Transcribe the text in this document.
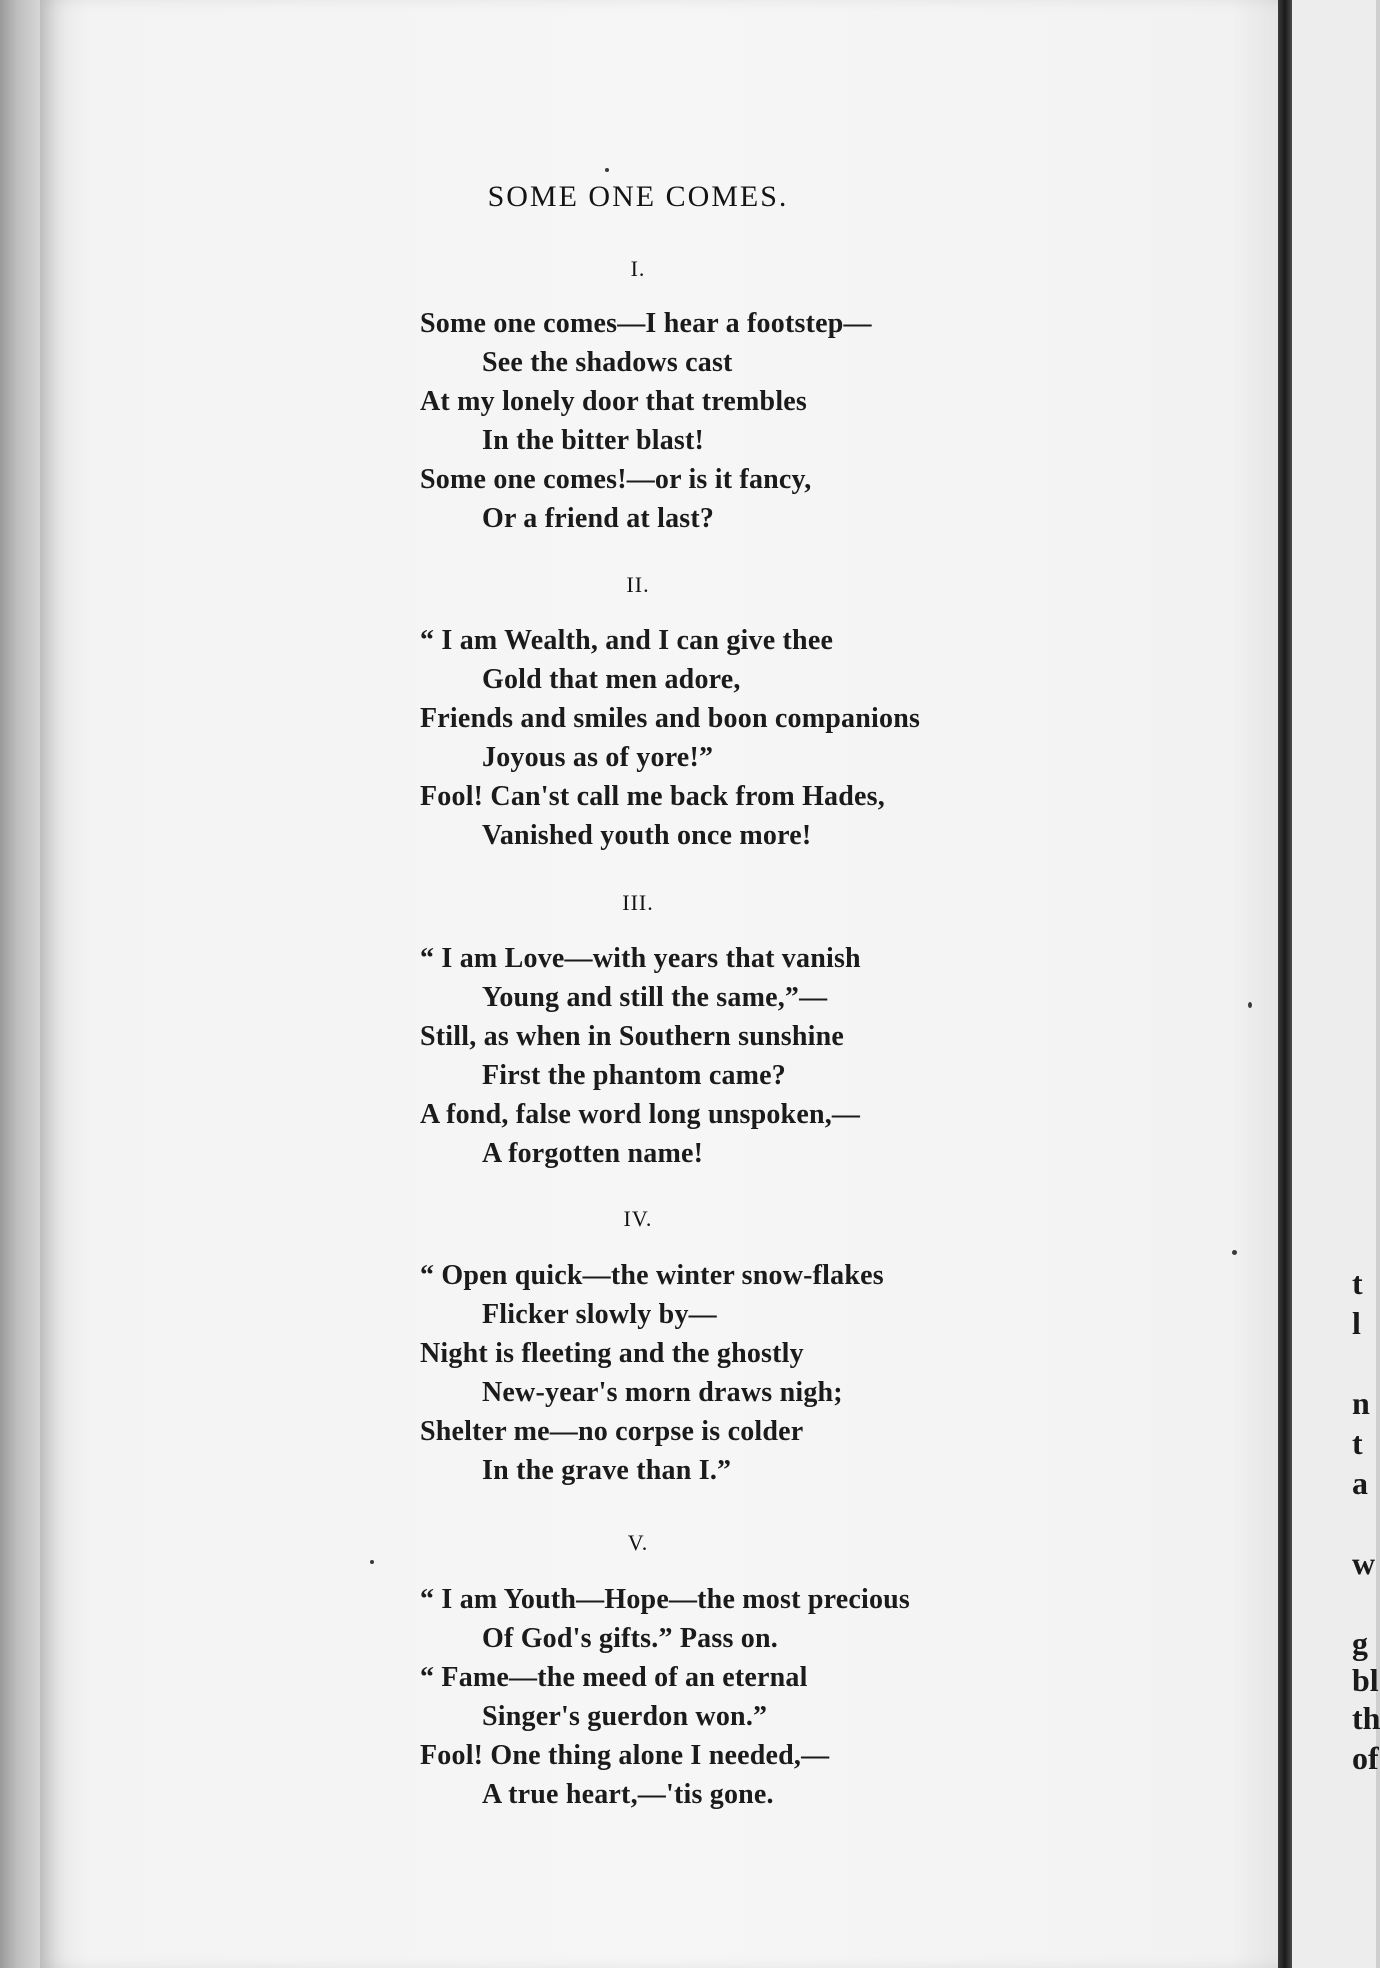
t
l
n
t
a
w
g
bl
th
of
SOME ONE COMES.
I.
Some one comes—I hear a footstep—
See the shadows cast
At my lonely door that trembles
In the bitter blast!
Some one comes!—or is it fancy,
Or a friend at last?
II.
“ I am Wealth, and I can give thee
Gold that men adore,
Friends and smiles and boon companions
Joyous as of yore!”
Fool! Can'st call me back from Hades,
Vanished youth once more!
III.
“ I am Love—with years that vanish
Young and still the same,”—
Still, as when in Southern sunshine
First the phantom came?
A fond, false word long unspoken,—
A forgotten name!
IV.
“ Open quick—the winter snow-flakes
Flicker slowly by—
Night is fleeting and the ghostly
New-year's morn draws nigh;
Shelter me—no corpse is colder
In the grave than I.”
V.
“ I am Youth—Hope—the most precious
Of God's gifts.” Pass on.
“ Fame—the meed of an eternal
Singer's guerdon won.”
Fool! One thing alone I needed,—
A true heart,—'tis gone.
